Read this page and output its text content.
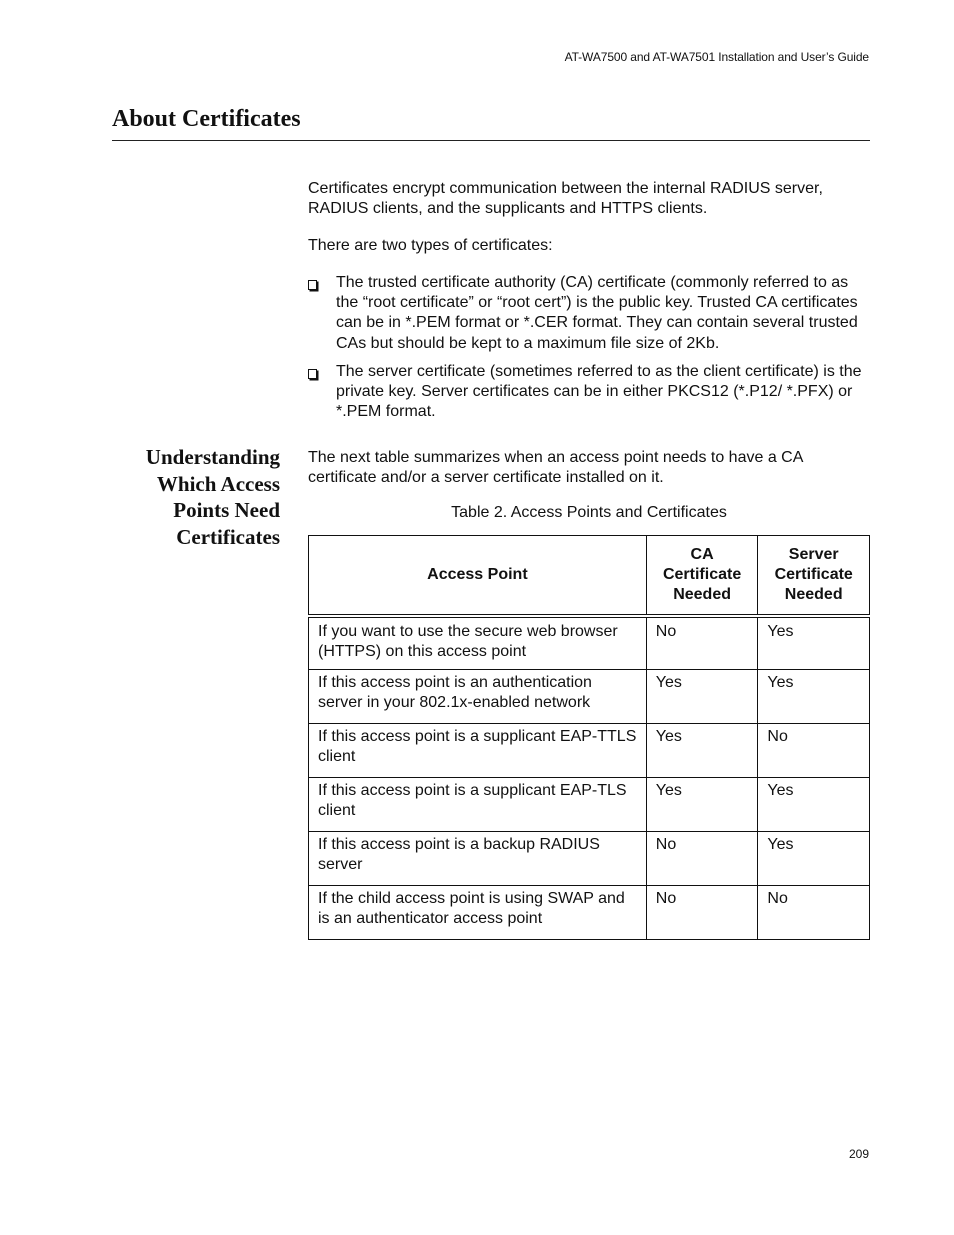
AT-WA7500 and AT-WA7501 Installation and User’s Guide
About Certificates

Certificates encrypt communication between the internal RADIUS server, RADIUS clients, and the supplicants and HTTPS clients.

There are two types of certificates:

The trusted certificate authority (CA) certificate (commonly referred to as the “root certificate” or “root cert”) is the public key. Trusted CA certificates can be in *.PEM format or *.CER format. They can contain several trusted CAs but should be kept to a maximum file size of 2Kb.
The server certificate (sometimes referred to as the client certificate) is the private key. Server certificates can be in either PKCS12 (*.P12/ *.PFX) or *.PEM format.
Understanding
Which Access
Points Need
Certificates

The next table summarizes when an access point needs to have a CA certificate and/or a server certificate installed on it.

Table 2. Access Points and Certificates
Access Point	CA
Certificate
Needed	Server
Certificate
Needed
If you want to use the secure web browser (HTTPS) on this access point	No	Yes
If this access point is an authentication server in your 802.1x-enabled network	Yes	Yes
If this access point is a supplicant EAP-TTLS client	Yes	No
If this access point is a supplicant EAP-TLS client	Yes	Yes
If this access point is a backup RADIUS server	No	Yes
If the child access point is using SWAP and is an authenticator access point	No	No
209
